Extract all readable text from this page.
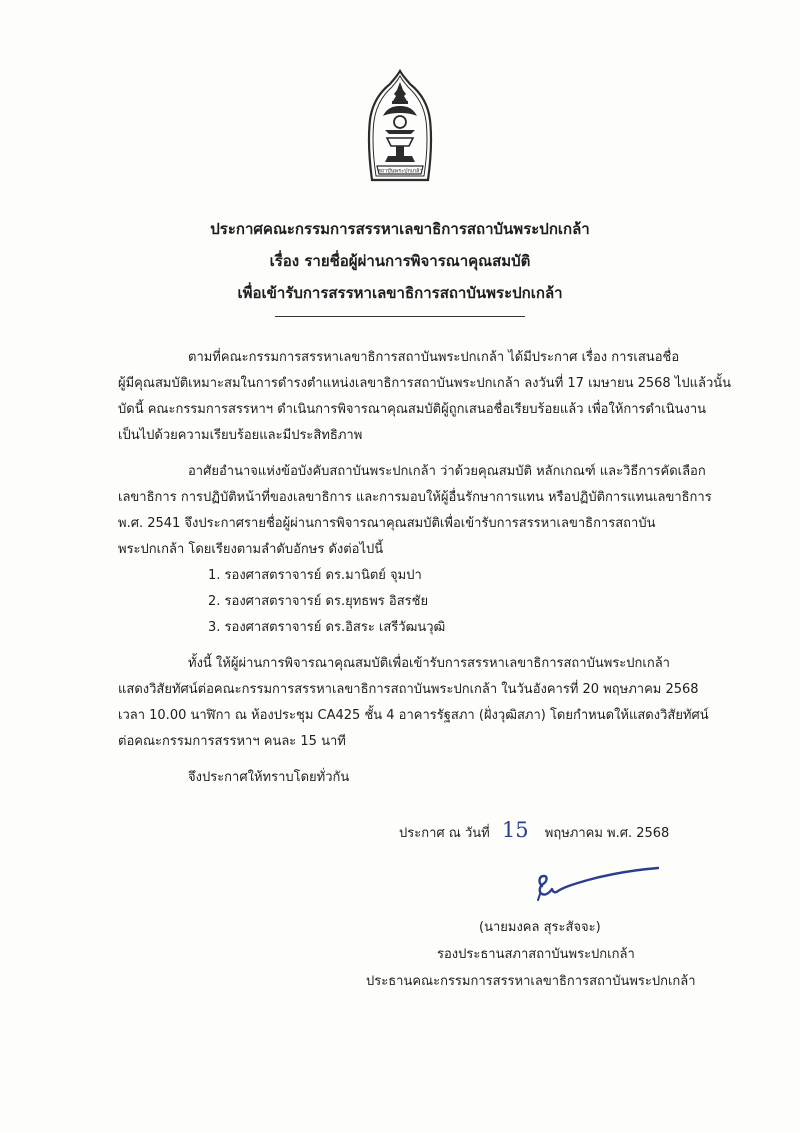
สถาบันพระปกเกล้า
ประกาศคณะกรรมการสรรหาเลขาธิการสถาบันพระปกเกล้า
เรื่อง รายชื่อผู้ผ่านการพิจารณาคุณสมบัติ
เพื่อเข้ารับการสรรหาเลขาธิการสถาบันพระปกเกล้า
ตามที่คณะกรรมการสรรหาเลขาธิการสถาบันพระปกเกล้า ได้มีประกาศ เรื่อง การเสนอชื่อ
ผู้มีคุณสมบัติเหมาะสมในการดำรงตำแหน่งเลขาธิการสถาบันพระปกเกล้า ลงวันที่ 17 เมษายน 2568 ไปแล้วนั้น
บัดนี้ คณะกรรมการสรรหาฯ ดำเนินการพิจารณาคุณสมบัติผู้ถูกเสนอชื่อเรียบร้อยแล้ว เพื่อให้การดำเนินงาน
เป็นไปด้วยความเรียบร้อยและมีประสิทธิภาพ
อาศัยอำนาจแห่งข้อบังคับสถาบันพระปกเกล้า ว่าด้วยคุณสมบัติ หลักเกณฑ์ และวิธีการคัดเลือก
เลขาธิการ การปฏิบัติหน้าที่ของเลขาธิการ และการมอบให้ผู้อื่นรักษาการแทน หรือปฏิบัติการแทนเลขาธิการ
พ.ศ. 2541 จึงประกาศรายชื่อผู้ผ่านการพิจารณาคุณสมบัติเพื่อเข้ารับการสรรหาเลขาธิการสถาบัน
พระปกเกล้า โดยเรียงตามลำดับอักษร ดังต่อไปนี้
1. รองศาสตราจารย์ ดร.มานิตย์ จุมปา
2. รองศาสตราจารย์ ดร.ยุทธพร อิสรชัย
3. รองศาสตราจารย์ ดร.อิสระ เสรีวัฒนวุฒิ
ทั้งนี้ ให้ผู้ผ่านการพิจารณาคุณสมบัติเพื่อเข้ารับการสรรหาเลขาธิการสถาบันพระปกเกล้า
แสดงวิสัยทัศน์ต่อคณะกรรมการสรรหาเลขาธิการสถาบันพระปกเกล้า ในวันอังคารที่ 20 พฤษภาคม 2568
เวลา 10.00 นาฬิกา ณ ห้องประชุม CA425 ชั้น 4 อาคารรัฐสภา (ฝั่งวุฒิสภา) โดยกำหนดให้แสดงวิสัยทัศน์
ต่อคณะกรรมการสรรหาฯ คนละ 15 นาที
จึงประกาศให้ทราบโดยทั่วกัน
ประกาศ ณ วันที่ 15 พฤษภาคม พ.ศ. 2568
(นายมงคล สุระสัจจะ)
รองประธานสภาสถาบันพระปกเกล้า
ประธานคณะกรรมการสรรหาเลขาธิการสถาบันพระปกเกล้า
